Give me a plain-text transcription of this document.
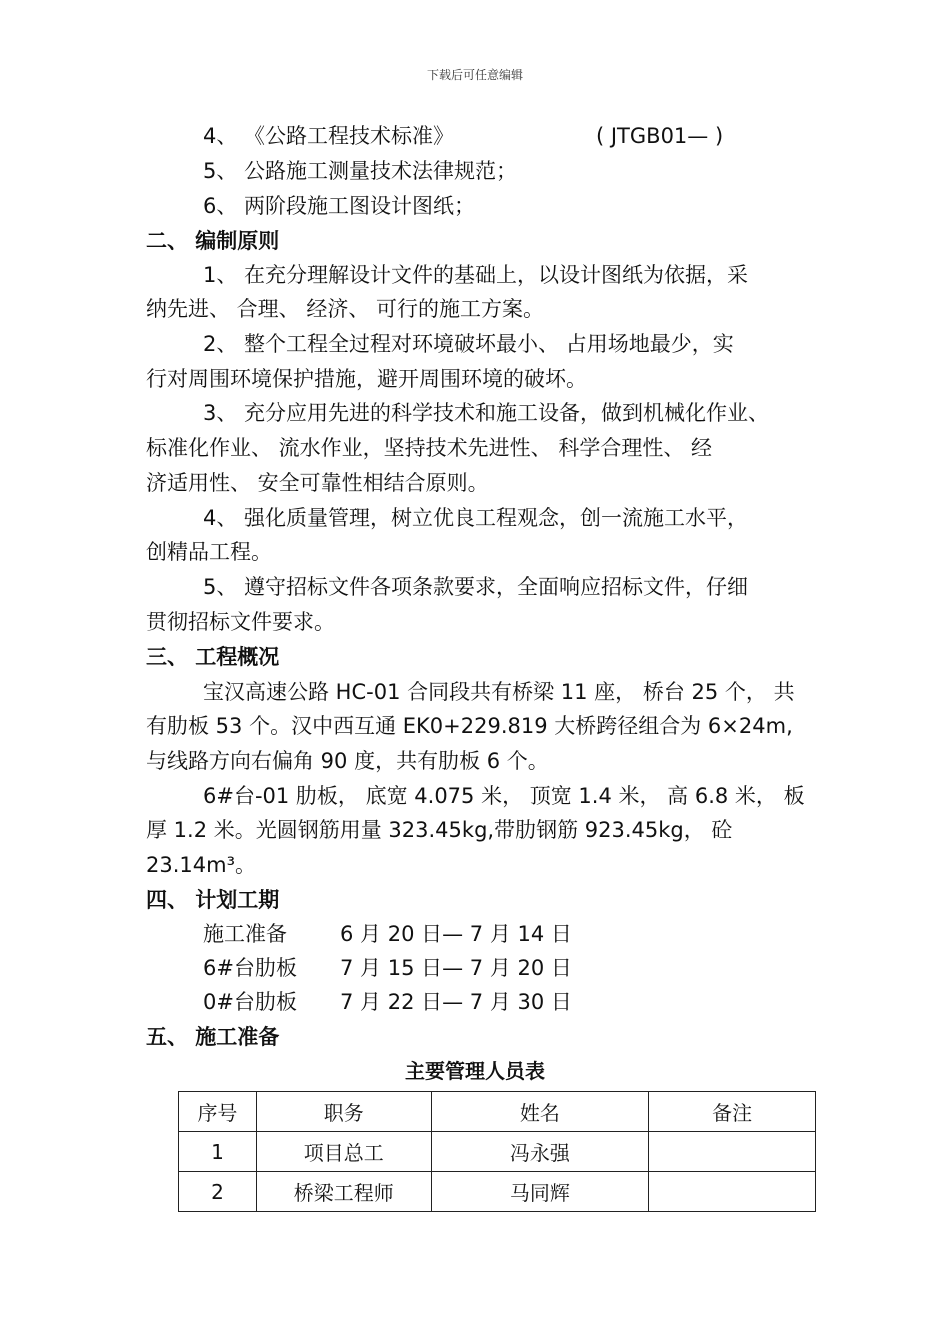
下载后可任意编辑
4、 《公路工程技术标准》	( JTGB01— )
5、 公路施工测量技术法律规范；
6、 两阶段施工图设计图纸；
二、 编制原则
1、 在充分理解设计文件的基础上，以设计图纸为依据，采
纳先进、 合理、 经济、 可行的施工方案。
2、 整个工程全过程对环境破坏最小、 占用场地最少，实
行对周围环境保护措施，避开周围环境的破坏。
3、 充分应用先进的科学技术和施工设备，做到机械化作业、
标准化作业、 流水作业，坚持技术先进性、 科学合理性、 经
济适用性、 安全可靠性相结合原则。
4、 强化质量管理，树立优良工程观念，创一流施工水平，
创精品工程。
5、 遵守招标文件各项条款要求，全面响应招标文件，仔细
贯彻招标文件要求。
三、 工程概况
宝汉高速公路 HC-01 合同段共有桥梁 11 座， 桥台 25 个， 共
有肋板 53 个。汉中西互通 EK0+229.819 大桥跨径组合为 6×24m,
与线路方向右偏角 90 度，共有肋板 6 个。
6#台-01 肋板， 底宽 4.075 米， 顶宽 1.4 米， 高 6.8 米， 板
厚 1.2 米。光圆钢筋用量 323.45kg,带肋钢筋 923.45kg， 砼
23.14m³。
四、 计划工期
施工准备	6 月 20 日— 7 月 14 日
6#台肋板 7 月 15 日— 7 月 20 日
0#台肋板 7 月 22 日— 7 月 30 日
五、 施工准备
主要管理人员表
序号	职务	姓名	备注
1	项目总工	冯永强	
2	桥梁工程师	马同辉	
